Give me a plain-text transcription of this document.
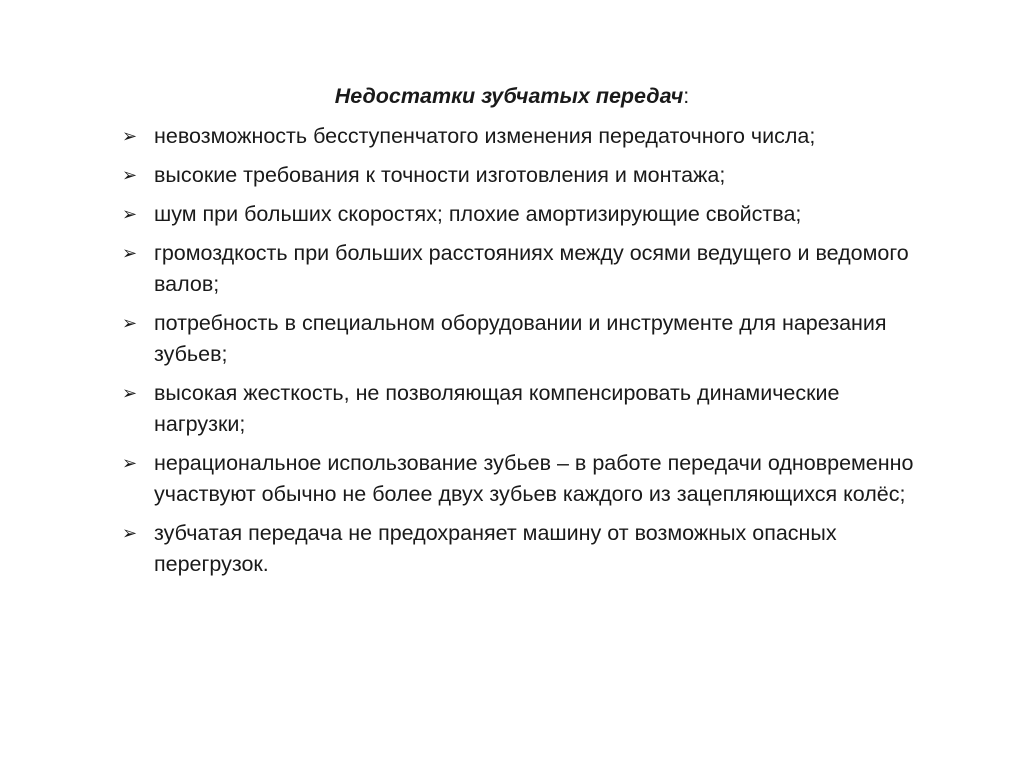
Недостатки зубчатых передач:
➢ невозможность бесступенчатого изменения передаточного числа;
➢ высокие требования к точности изготовления и монтажа;
➢ шум при больших скоростях; плохие амортизирующие свойства;
➢ громоздкость при больших расстояниях между осями ведущего и ведомого валов;
➢ потребность в специальном оборудовании и инструменте для нарезания зубьев;
➢ высокая жесткость, не позволяющая компенсировать динамические нагрузки;
➢ нерациональное использование зубьев – в работе передачи одновременно участвуют обычно не более двух зубьев каждого из зацепляющихся колёс;
➢ зубчатая передача не предохраняет машину от возможных опасных перегрузок.
